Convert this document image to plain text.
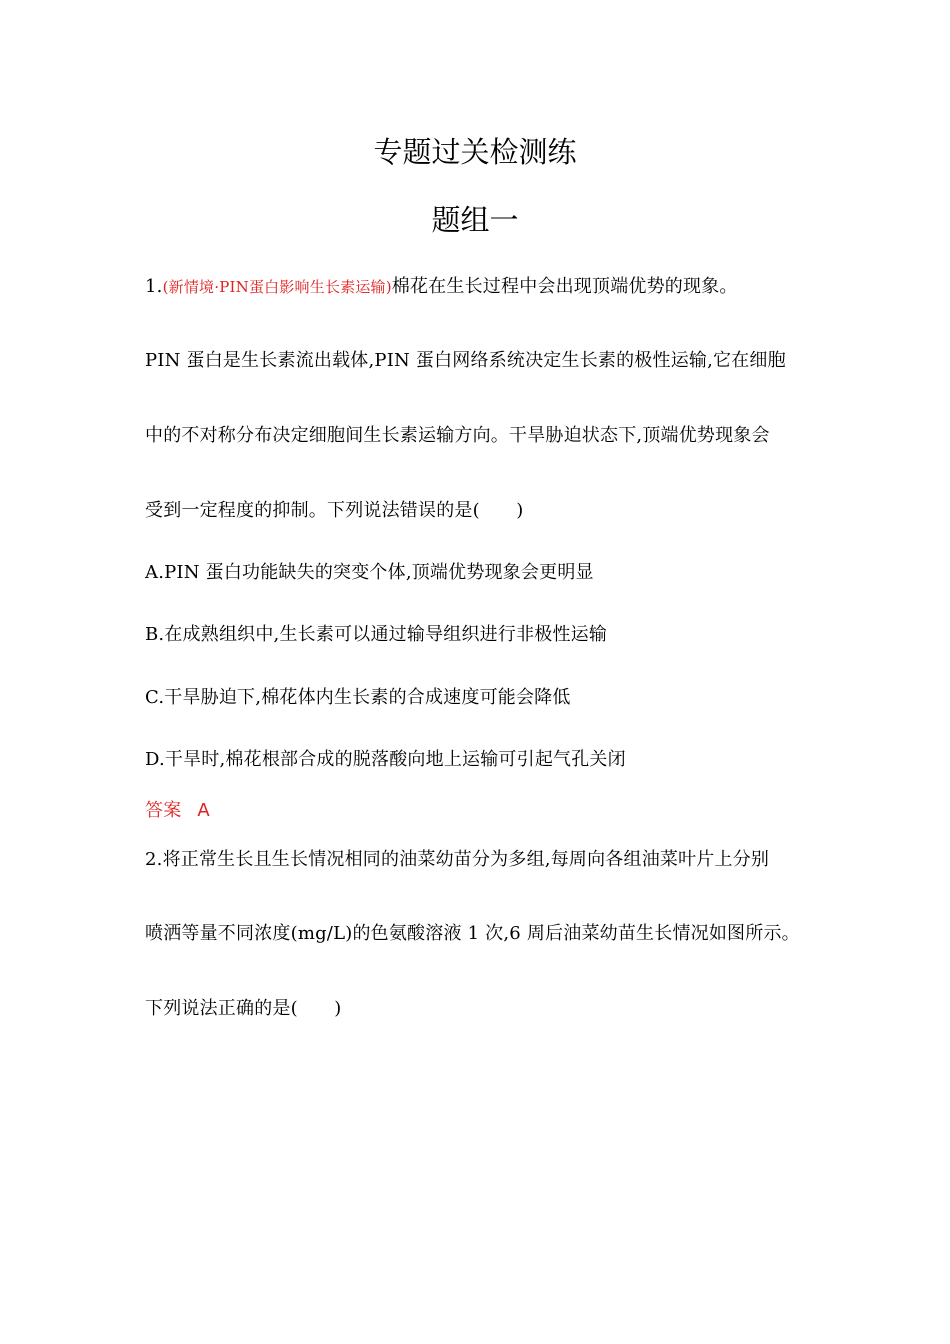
专题过关检测练
题组一
1.(新情境·PIN蛋白影响生长素运输)棉花在生长过程中会出现顶端优势的现象。
PIN 蛋白是生长素流出载体,PIN 蛋白网络系统决定生长素的极性运输,它在细胞
中的不对称分布决定细胞间生长素运输方向。干旱胁迫状态下,顶端优势现象会
受到一定程度的抑制。下列说法错误的是(　　)
A.PIN 蛋白功能缺失的突变个体,顶端优势现象会更明显
B.在成熟组织中,生长素可以通过输导组织进行非极性运输
C.干旱胁迫下,棉花体内生长素的合成速度可能会降低
D.干旱时,棉花根部合成的脱落酸向地上运输可引起气孔关闭
答案 A
2.将正常生长且生长情况相同的油菜幼苗分为多组,每周向各组油菜叶片上分别
喷洒等量不同浓度(mg/L)的色氨酸溶液 1 次,6 周后油菜幼苗生长情况如图所示。
下列说法正确的是(　　)
